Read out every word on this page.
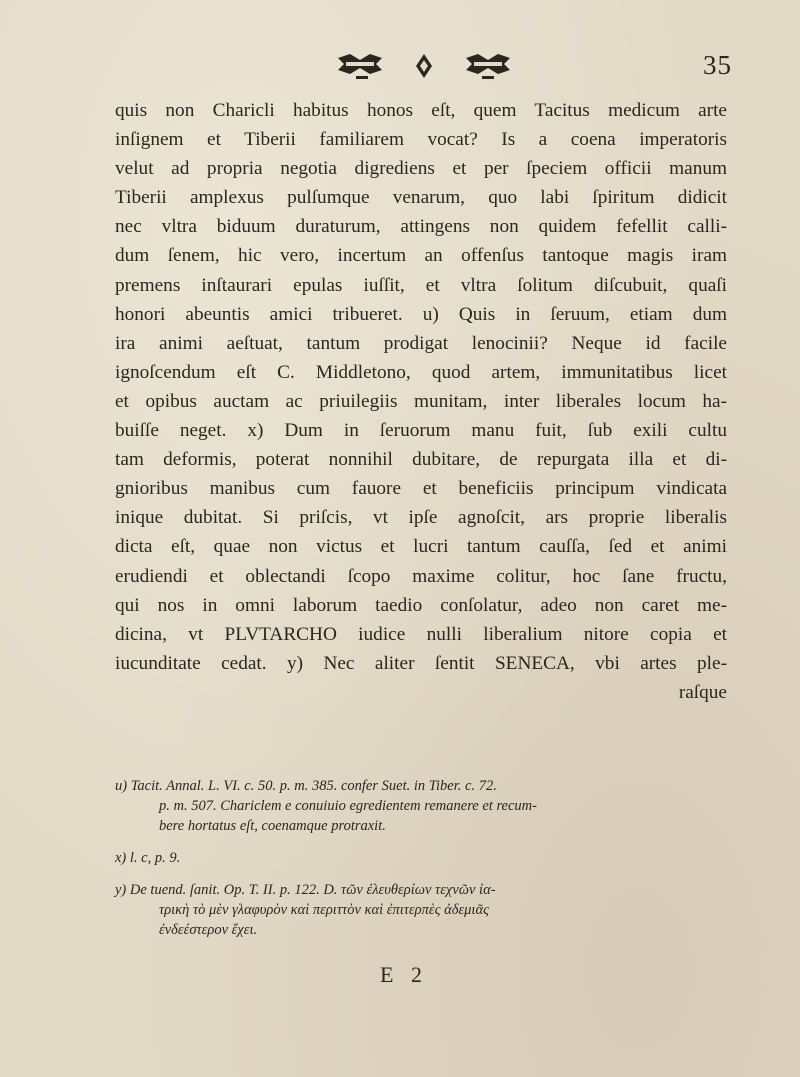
35
quis non Charicli habitus honos eſt, quem Tacitus medicum arte
inſignem et Tiberii familiarem vocat? Is a coena imperatoris
velut ad propria negotia digrediens et per ſpeciem officii manum
Tiberii amplexus pulſumque venarum, quo labi ſpiritum didicit
nec vltra biduum duraturum, attingens non quidem fefellit calli-
dum ſenem, hic vero, incertum an offenſus tantoque magis iram
premens inſtaurari epulas iuſſit, et vltra ſolitum diſcubuit, quaſi
honori abeuntis amici tribueret. u) Quis in ſeruum, etiam dum
ira animi aeſtuat, tantum prodigat lenocinii? Neque id facile
ignoſcendum eſt C. Middletono, quod artem, immunitatibus licet
et opibus auctam ac priuilegiis munitam, inter liberales locum ha-
buiſſe neget. x) Dum in ſeruorum manu fuit, ſub exili cultu
tam deformis, poterat nonnihil dubitare, de repurgata illa et di-
gnioribus manibus cum fauore et beneficiis principum vindicata
inique dubitat. Si priſcis, vt ipſe agnoſcit, ars proprie liberalis
dicta eſt, quae non victus et lucri tantum cauſſa, ſed et animi
erudiendi et oblectandi ſcopo maxime colitur, hoc ſane fructu,
qui nos in omni laborum taedio conſolatur, adeo non caret me-
dicina, vt PLVTARCHO iudice nulli liberalium nitore copia et
iucunditate cedat. y) Nec aliter ſentit SENECA, vbi artes ple-
raſque
u) Tacit. Annal. L. VI. c. 50. p. m. 385. confer Suet. in Tiber. c. 72.
p. m. 507. Chariclem e conuiuio egredientem remanere et recum-
bere hortatus eſt, coenamque protraxit.
x) l. c, p. 9.
y) De tuend. ſanit. Op. T. II. p. 122. D. τῶν ἐλευθερίων τεχνῶν ἰα-
τρικὴ τὸ μὲν γλαφυρὸν καὶ περιττὸν καὶ ἐπιτερπὲς ἀδεμιᾶς
ἐνδεέστερον ἔχει.
E 2
